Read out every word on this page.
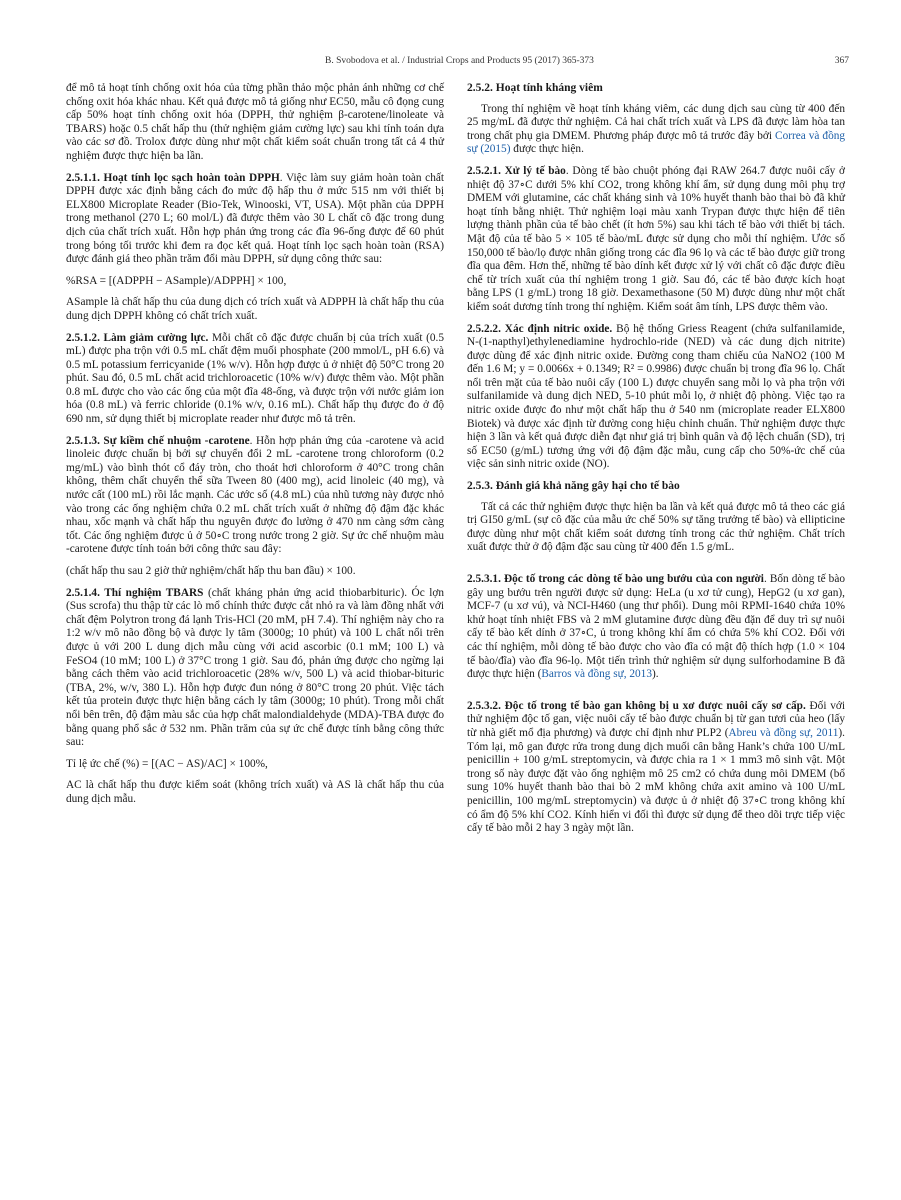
B. Svobodova et al. / Industrial Crops and Products 95 (2017) 365-373	367

để mô tả hoạt tính chống oxit hóa của từng phần thảo mộc phản ánh những cơ chế chống oxit hóa khác nhau. Kết quả được mô tả giống như EC50, mẫu cô đọng cung cấp 50% hoạt tính chống oxit hóa (DPPH, thử nghiệm β-carotene/linoleate và TBARS) hoặc 0.5 chất hấp thu (thử nghiệm giảm cường lực) sau khi tính toán dựa vào các sơ đồ. Trolox được dùng như một chất kiểm soát chuẩn trong tất cả 4 thử nghiệm được thực hiện ba lần.

2.5.1.1. Hoạt tính lọc sạch hoàn toàn DPPH. Việc làm suy giảm hoàn toàn chất DPPH được xác định bằng cách đo mức độ hấp thu ở mức 515 nm với thiết bị ELX800 Microplate Reader (Bio-Tek, Winooski, VT, USA). Một phần của DPPH trong methanol (270 L; 60 mol/L) đã được thêm vào 30 L chất cô đặc trong dung dịch của chất trích xuất. Hỗn hợp phản ứng trong các đĩa 96-ống được để 60 phút trong bóng tối trước khi đem ra đọc kết quả. Hoạt tính lọc sạch hoàn toàn (RSA) được đánh giá theo phần trăm đổi màu DPPH, sử dụng công thức sau:

%RSA = [(ADPPH − ASample)/ADPPH] × 100,

ASample là chất hấp thu của dung dịch có trích xuất và ADPPH là chất hấp thu của dung dịch DPPH không có chất trích xuất.

2.5.1.2. Làm giảm cường lực. Mỗi chất cô đặc được chuẩn bị của trích xuất (0.5 mL) được pha trộn với 0.5 mL chất đệm muối phosphate (200 mmol/L, pH 6.6) và 0.5 mL potassium ferricyanide (1% w/v). Hỗn hợp được ủ ở nhiệt độ 50°C trong 20 phút. Sau đó, 0.5 mL chất acid trichloroacetic (10% w/v) được thêm vào. Một phần 0.8 mL được cho vào các ống của một đĩa 48-ống, và được trộn với nước giảm ion hóa (0.8 mL) và ferric chloride (0.1% w/v, 0.16 mL). Chất hấp thụ được đo ở độ 690 nm, sử dụng thiết bị microplate reader như được mô tả trên.

2.5.1.3. Sự kiềm chế nhuộm -carotene. Hỗn hợp phản ứng của -carotene và acid linoleic được chuẩn bị bởi sự chuyển đổi 2 mL -carotene trong chloroform (0.2 mg/mL) vào bình thót cổ đáy tròn, cho thoát hơi chloroform ở 40°C trong chân không, thêm chất chuyển thể sữa Tween 80 (400 mg), acid linoleic (40 mg), và nước cất (100 mL) rồi lắc mạnh. Các ước số (4.8 mL) của nhũ tương này được nhỏ vào trong các ống nghiệm chứa 0.2 mL chất trích xuất ở những độ đậm đặc khác nhau, xốc mạnh và chất hấp thu nguyên được đo lường ở 470 nm càng sớm càng tốt. Các ống nghiệm được ủ ở 50∘C trong nước trong 2 giờ. Sự ức chế nhuộm màu -carotene được tính toán bởi công thức sau đây:

(chất hấp thu sau 2 giờ thử nghiệm/chất hấp thu ban đầu) × 100.

2.5.1.4. Thí nghiệm TBARS (chất kháng phản ứng acid thiobarbituric). Óc lợn (Sus scrofa) thu thập từ các lò mổ chính thức được cắt nhỏ ra và làm đồng nhất với chất đệm Polytron trong đá lạnh Tris-HCl (20 mM, pH 7.4). Thí nghiệm này cho ra 1:2 w/v mô não đồng bộ và được ly tâm (3000g; 10 phút) và 100 L chất nổi trên được ủ với 200 L dung dịch mẫu cùng với acid ascorbic (0.1 mM; 100 L) và FeSO4 (10 mM; 100 L) ở 37°C trong 1 giờ. Sau đó, phản ứng được cho ngừng lại bằng cách thêm vào acid trichloroacetic (28% w/v, 500 L) và acid thiobar-bituric (TBA, 2%, w/v, 380 L). Hỗn hợp được đun nóng ở 80°C trong 20 phút. Việc tách kết tủa protein được thực hiện bằng cách ly tâm (3000g; 10 phút). Trong mỗi chất nổi bên trên, độ đậm màu sắc của hợp chất malondialdehyde (MDA)-TBA được đo bằng quang phổ sắc ở 532 nm. Phần trăm của sự ức chế được tính bằng công thức sau:

Tỉ lệ ức chế (%) = [(AC − AS)/AC] × 100%,

AC là chất hấp thu được kiểm soát (không trích xuất) và AS là chất hấp thu của dung dịch mẫu.

2.5.2. Hoạt tính kháng viêm

Trong thí nghiệm về hoạt tính kháng viêm, các dung dịch sau cùng từ 400 đến 25 mg/mL đã được thử nghiệm. Cả hai chất trích xuất và LPS đã được làm hòa tan trong chất phụ gia DMEM. Phương pháp được mô tả trước đây bởi Correa và đồng sự (2015) được thực hiện.

2.5.2.1. Xử lý tế bào. Dòng tế bào chuột phóng đại RAW 264.7 được nuôi cấy ở nhiệt độ 37∘C dưới 5% khí CO2, trong không khí ẩm, sử dụng dung môi phụ trợ DMEM với glutamine, các chất kháng sinh và 10% huyết thanh bào thai bò đã khử hoạt tính bằng nhiệt. Thử nghiệm loại màu xanh Trypan được thực hiện để tiên lượng thành phần của tế bào chết (ít hơn 5%) sau khi tách tế bào với thiết bị tách. Mật độ của tế bào 5 × 105 tế bào/mL được sử dụng cho mỗi thí nghiệm. Ước số 150,000 tế bào/lọ được nhân giống trong các đĩa 96 lọ và các tế bào được giữ trong đĩa qua đêm. Hơn thế, những tế bào dính kết được xử lý với chất cô đặc được điều chế từ trích xuất của thí nghiệm trong 1 giờ. Sau đó, các tế bào được kích hoạt bằng LPS (1 g/mL) trong 18 giờ. Dexamethasone (50 M) được dùng như một chất kiểm soát dương tính trong thí nghiệm. Kiểm soát âm tính, LPS được thêm vào.

2.5.2.2. Xác định nitric oxide. Bộ hệ thống Griess Reagent (chứa sulfanilamide, N-(1-napthyl)ethylenediamine hydrochlo-ride (NED) và các dung dịch nitrite) được dùng để xác định nitric oxide. Đường cong tham chiếu của NaNO2 (100 M đến 1.6 M; y = 0.0066x + 0.1349; R² = 0.9986) được chuẩn bị trong đĩa 96 lọ. Chất nổi trên mặt của tế bào nuôi cấy (100 L) được chuyển sang mỗi lọ và pha trộn với sulfanilamide và dung dịch NED, 5-10 phút mỗi lọ, ở nhiệt độ phòng. Việc tạo ra nitric oxide được đo như một chất hấp thu ở 540 nm (microplate reader ELX800 Biotek) và được xác định từ đường cong hiệu chỉnh chuẩn. Thử nghiệm được thực hiện 3 lần và kết quả được diễn đạt như giá trị bình quân và độ lệch chuẩn (SD), trị số EC50 (g/mL) tương ứng với độ đậm đặc mẫu, cung cấp cho 50%-ức chế của việc sản sinh nitric oxide (NO).

2.5.3. Đánh giá khả năng gây hại cho tế bào

Tất cả các thử nghiệm được thực hiện ba lần và kết quả được mô tả theo các giá trị GI50 g/mL (sự cô đặc của mẫu ức chế 50% sự tăng trưởng tế bào) và ellipticine được dùng như một chất kiểm soát dương tính trong các thử nghiệm. Chất trích xuất được thử ở độ đậm đặc sau cùng từ 400 đến 1.5 g/mL.

2.5.3.1. Độc tố trong các dòng tế bào ung bướu của con người. Bốn dòng tế bào gây ung bướu trên người được sử dụng: HeLa (u xơ tử cung), HepG2 (u xơ gan), MCF-7 (u xơ vú), và NCI-H460 (ung thư phổi). Dung môi RPMI-1640 chứa 10% khử hoạt tính nhiệt FBS và 2 mM glutamine được dùng đều đặn để duy trì sự nuôi cấy tế bào kết dính ở 37∘C, ủ trong không khí ẩm có chứa 5% khí CO2. Đối với các thí nghiệm, mỗi dòng tế bào được cho vào đĩa có mật độ thích hợp (1.0 × 104 tế bào/đĩa) vào đĩa 96-lọ. Một tiến trình thử nghiệm sử dụng sulforhodamine B đã được thực hiện (Barros và đồng sự, 2013).

2.5.3.2. Độc tố trong tế bào gan không bị u xơ được nuôi cấy sơ cấp. Đối với thử nghiệm độc tố gan, việc nuôi cấy tế bào được chuẩn bị từ gan tươi của heo (lấy từ nhà giết mổ địa phương) và được chỉ định như PLP2 (Abreu và đồng sự, 2011). Tóm lại, mô gan được rửa trong dung dịch muối cân bằng Hank’s chứa 100 U/mL penicillin + 100 g/mL streptomycin, và được chia ra 1 × 1 mm3 mô sinh vật. Một trong số này được đặt vào ống nghiệm mô 25 cm2 có chứa dung môi DMEM (bổ sung 10% huyết thanh bào thai bò 2 mM không chứa axit amino và 100 U/mL penicillin, 100 mg/mL streptomycin) và được ủ ở nhiệt độ 37∘C trong không khí có ẩm độ 5% khí CO2. Kính hiển vi đối thì được sử dụng để theo dõi trực tiếp việc cấy tế bào mỗi 2 hay 3 ngày một lần.
